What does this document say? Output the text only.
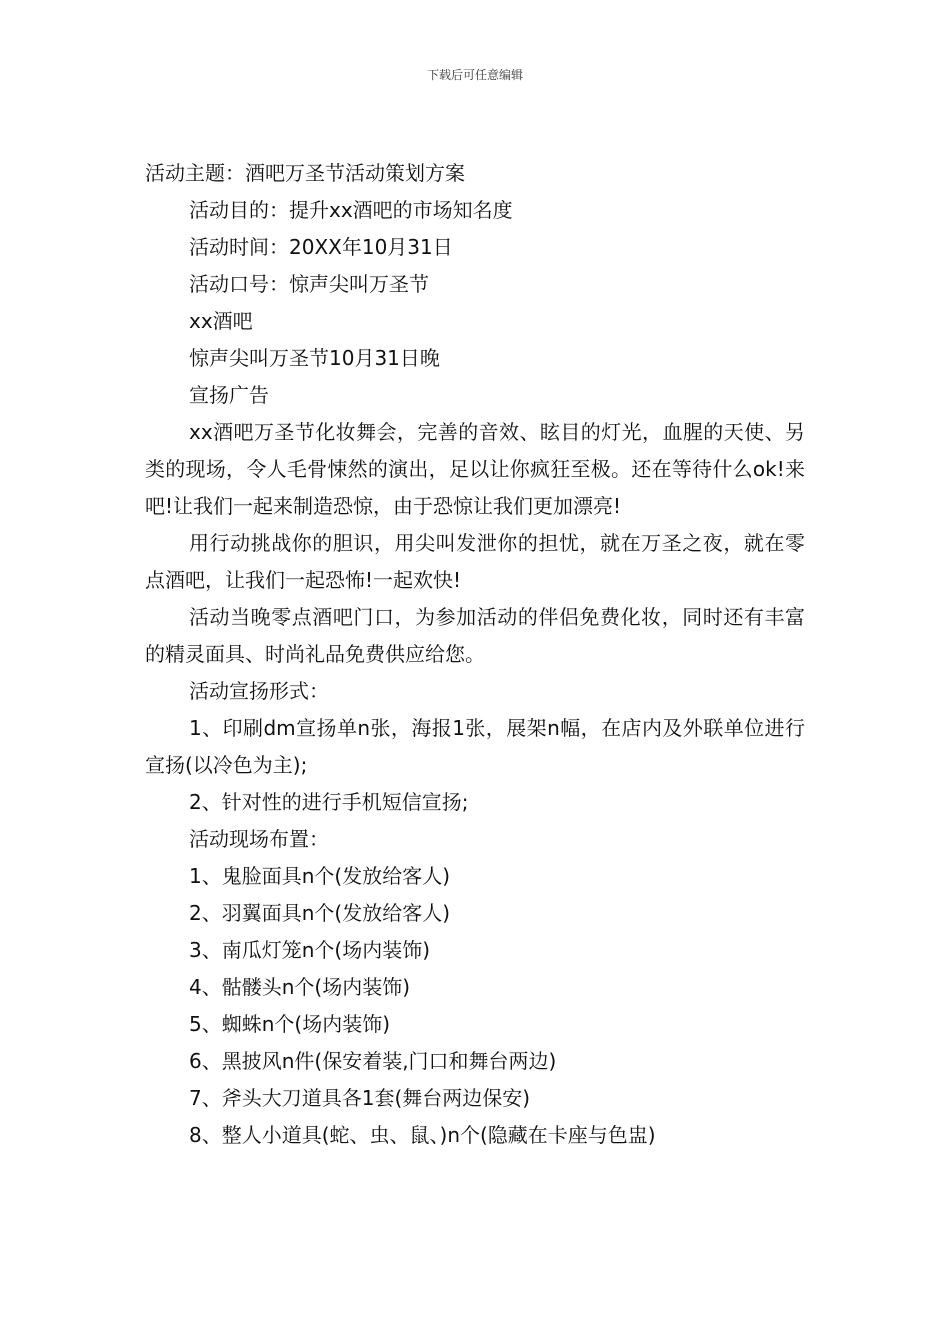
下载后可任意编辑

活动主题：酒吧万圣节活动策划方案

活动目的：提升xx酒吧的市场知名度

活动时间：20XX年10月31日

活动口号：惊声尖叫万圣节

xx酒吧

惊声尖叫万圣节10月31日晚

宣扬广告

xx酒吧万圣节化妆舞会，完善的音效、眩目的灯光，血腥的天使、另类的现场，令人毛骨悚然的演出，足以让你疯狂至极。还在等待什么ok!来吧!让我们一起来制造恐惊，由于恐惊让我们更加漂亮!

用行动挑战你的胆识，用尖叫发泄你的担忧，就在万圣之夜，就在零点酒吧，让我们一起恐怖!一起欢快!

活动当晚零点酒吧门口，为参加活动的伴侣免费化妆，同时还有丰富的精灵面具、时尚礼品免费供应给您。

活动宣扬形式：

1、印刷dm宣扬单n张，海报1张，展架n幅，在店内及外联单位进行宣扬(以冷色为主);

2、针对性的进行手机短信宣扬;

活动现场布置：

1、鬼脸面具n个(发放给客人)

2、羽翼面具n个(发放给客人)

3、南瓜灯笼n个(场内装饰)

4、骷髅头n个(场内装饰)

5、蜘蛛n个(场内装饰)

6、黑披风n件(保安着装,门口和舞台两边)

7、斧头大刀道具各1套(舞台两边保安)

8、整人小道具(蛇、虫、鼠、)n个(隐藏在卡座与色盅)
